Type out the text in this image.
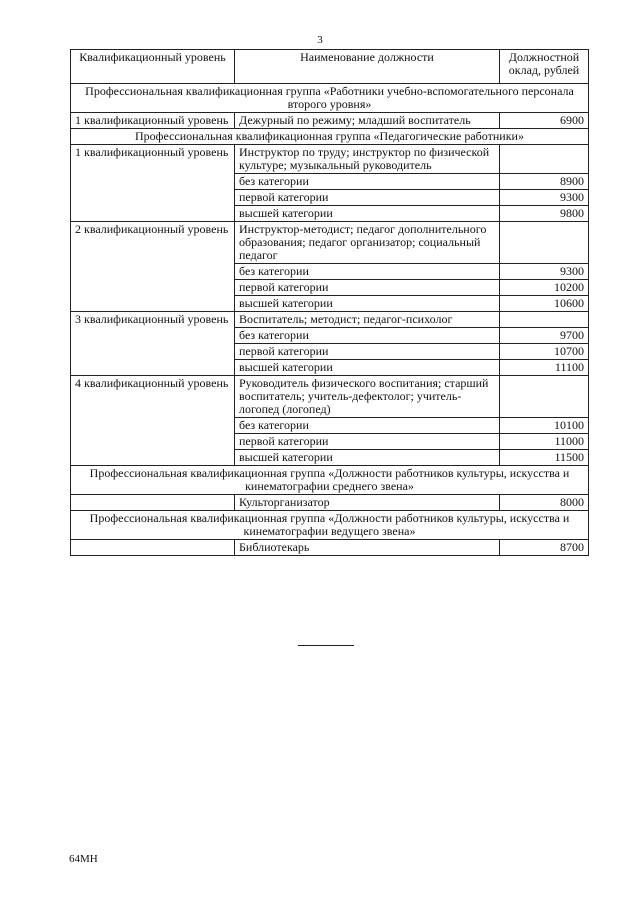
3
Квалификационный уровень	Наименование должности	Должностной оклад, рублей
Профессиональная квалификационная группа «Работники учебно-вспомогательного персонала второго уровня»		
1 квалификационный уровень	Дежурный по режиму; младший воспитатель	6900
Профессиональная квалификационная группа «Педагогические работники»		
1 квалификационный уровень	Инструктор по труду; инструктор по физической культуре; музыкальный руководитель	
	без категории	8900
	первой категории	9300
	высшей категории	9800
2 квалификационный уровень	Инструктор-методист; педагог дополнительного образования; педагог организатор; социальный педагог	
	без категории	9300
	первой категории	10200
	высшей категории	10600
3 квалификационный уровень	Воспитатель; методист; педагог-психолог	
	без категории	9700
	первой категории	10700
	высшей категории	11100
4 квалификационный уровень	Руководитель физического воспитания; старший воспитатель; учитель-дефектолог; учитель-логопед (логопед)	
	без категории	10100
	первой категории	11000
	высшей категории	11500
Профессиональная квалификационная группа «Должности работников культуры, искусства и кинематографии среднего звена»		
	Культорганизатор	8000
Профессиональная квалификационная группа «Должности работников культуры, искусства и кинематографии ведущего звена»		
	Библиотекарь	8700
64МН
